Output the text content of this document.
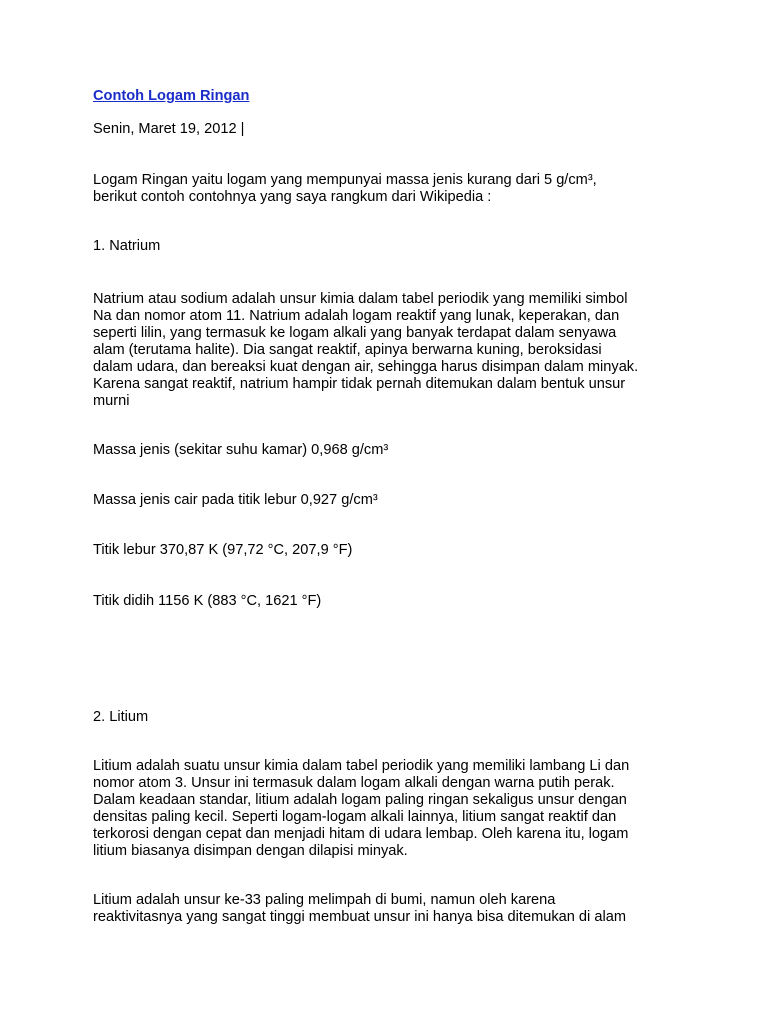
Contoh Logam Ringan

Senin, Maret 19, 2012 |

Logam Ringan yaitu logam yang mempunyai massa jenis kurang dari 5 g/cm³,
berikut contoh contohnya yang saya rangkum dari Wikipedia :

1. Natrium

Natrium atau sodium adalah unsur kimia dalam tabel periodik yang memiliki simbol
Na dan nomor atom 11. Natrium adalah logam reaktif yang lunak, keperakan, dan
seperti lilin, yang termasuk ke logam alkali yang banyak terdapat dalam senyawa
alam (terutama halite). Dia sangat reaktif, apinya berwarna kuning, beroksidasi
dalam udara, dan bereaksi kuat dengan air, sehingga harus disimpan dalam minyak.
Karena sangat reaktif, natrium hampir tidak pernah ditemukan dalam bentuk unsur
murni

Massa jenis (sekitar suhu kamar) 0,968 g/cm³

Massa jenis cair pada titik lebur 0,927 g/cm³

Titik lebur 370,87 K (97,72 °C, 207,9 °F)

Titik didih 1156 K (883 °C, 1621 °F)

2. Litium

Litium adalah suatu unsur kimia dalam tabel periodik yang memiliki lambang Li dan
nomor atom 3. Unsur ini termasuk dalam logam alkali dengan warna putih perak.
Dalam keadaan standar, litium adalah logam paling ringan sekaligus unsur dengan
densitas paling kecil. Seperti logam-logam alkali lainnya, litium sangat reaktif dan
terkorosi dengan cepat dan menjadi hitam di udara lembap. Oleh karena itu, logam
litium biasanya disimpan dengan dilapisi minyak.

Litium adalah unsur ke-33 paling melimpah di bumi, namun oleh karena
reaktivitasnya yang sangat tinggi membuat unsur ini hanya bisa ditemukan di alam
